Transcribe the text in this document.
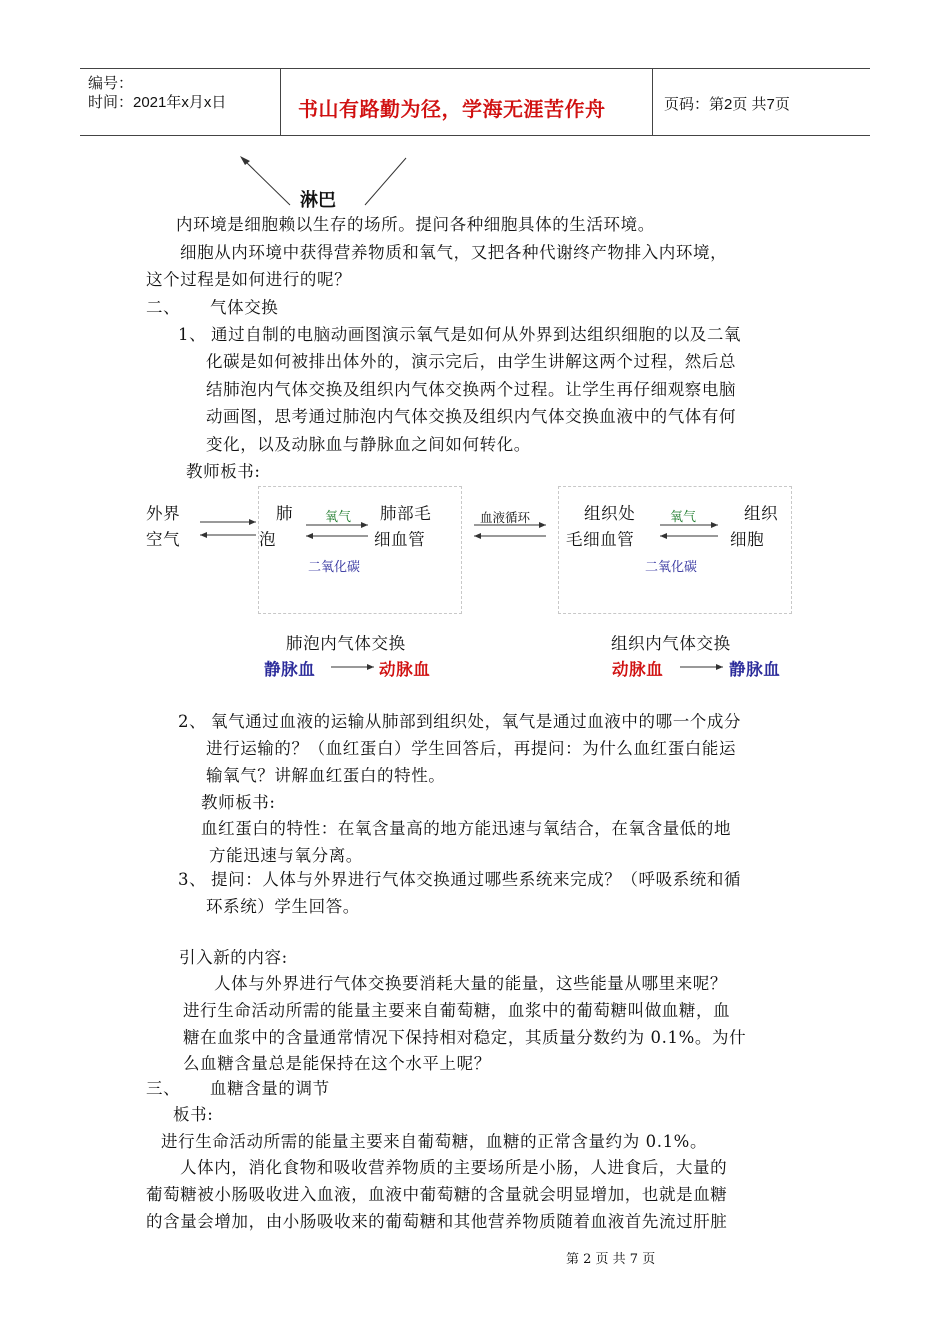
编号：
时间：2021年x月x日	书山有路勤为径，学海无涯苦作舟	页码：第2页 共7页
淋巴
内环境是细胞赖以生存的场所。提问各种细胞具体的生活环境。
细胞从内环境中获得营养物质和氧气，又把各种代谢终产物排入内环境，
这个过程是如何进行的呢？
二、 气体交换
1、 通过自制的电脑动画图演示氧气是如何从外界到达组织细胞的以及二氧
化碳是如何被排出体外的，演示完后，由学生讲解这两个过程，然后总
结肺泡内气体交换及组织内气体交换两个过程。让学生再仔细观察电脑
动画图，思考通过肺泡内气体交换及组织内气体交换血液中的气体有何
变化，以及动脉血与静脉血之间如何转化。
教师板书:
外界
空气
肺
泡
氧气
二氧化碳
肺部毛
细血管
血液循环	组织处
毛细血管
氧气
二氧化碳
组织
细胞
肺泡内气体交换	组织内气体交换
静脉血	动脉血	动脉血	静脉血
2、 氧气通过血液的运输从肺部到组织处，氧气是通过血液中的哪一个成分
进行运输的？（血红蛋白）学生回答后，再提问：为什么血红蛋白能运
输氧气？讲解血红蛋白的特性。
教师板书:
血红蛋白的特性：在氧含量高的地方能迅速与氧结合，在氧含量低的地
方能迅速与氧分离。
3、 提问：人体与外界进行气体交换通过哪些系统来完成？（呼吸系统和循
环系统）学生回答。
引入新的内容:
人体与外界进行气体交换要消耗大量的能量，这些能量从哪里来呢？
进行生命活动所需的能量主要来自葡萄糖，血浆中的葡萄糖叫做血糖，血
糖在血浆中的含量通常情况下保持相对稳定，其质量分数约为 0.1%。为什
么血糖含量总是能保持在这个水平上呢？
三、 血糖含量的调节
板书:
进行生命活动所需的能量主要来自葡萄糖，血糖的正常含量约为 0.1%。
人体内，消化食物和吸收营养物质的主要场所是小肠，人进食后，大量的
葡萄糖被小肠吸收进入血液，血液中葡萄糖的含量就会明显增加，也就是血糖
的含量会增加，由小肠吸收来的葡萄糖和其他营养物质随着血液首先流过肝脏
第 2 页 共 7 页
